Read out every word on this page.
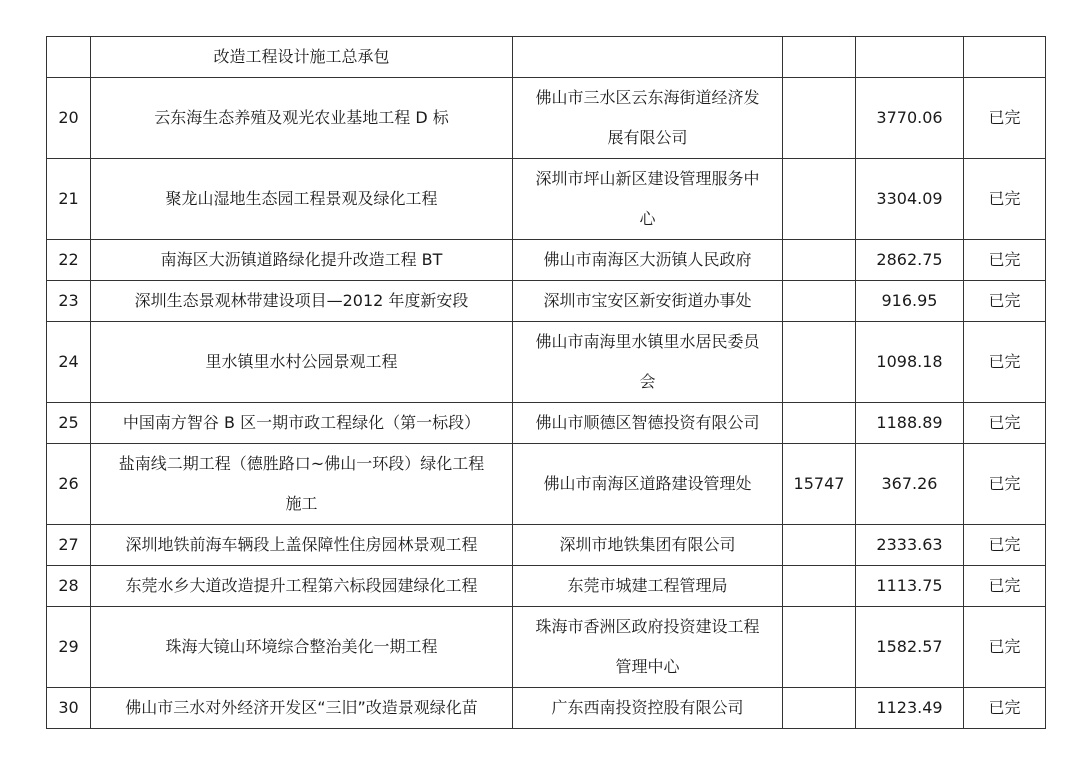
	改造工程设计施工总承包				

20	云东海生态养殖及观光农业基地工程 D 标	佛山市三水区云东海街道经济发
展有限公司		3770.06	已完
21	聚龙山湿地生态园工程景观及绿化工程	深圳市坪山新区建设管理服务中
心		3304.09	已完
22	南海区大沥镇道路绿化提升改造工程 BT	佛山市南海区大沥镇人民政府		2862.75	已完
23	深圳生态景观林带建设项目—2012 年度新安段	深圳市宝安区新安街道办事处		916.95	已完
24	里水镇里水村公园景观工程	佛山市南海里水镇里水居民委员
会		1098.18	已完
25	中国南方智谷 B 区一期市政工程绿化（第一标段）	佛山市顺德区智德投资有限公司		1188.89	已完
26	盐南线二期工程（德胜路口~佛山一环段）绿化工程
施工	佛山市南海区道路建设管理处	15747	367.26	已完
27	深圳地铁前海车辆段上盖保障性住房园林景观工程	深圳市地铁集团有限公司		2333.63	已完
28	东莞水乡大道改造提升工程第六标段园建绿化工程	东莞市城建工程管理局		1113.75	已完
29	珠海大镜山环境综合整治美化一期工程	珠海市香洲区政府投资建设工程
管理中心		1582.57	已完
30	佛山市三水对外经济开发区“三旧”改造景观绿化苗	广东西南投资控股有限公司		1123.49	已完
